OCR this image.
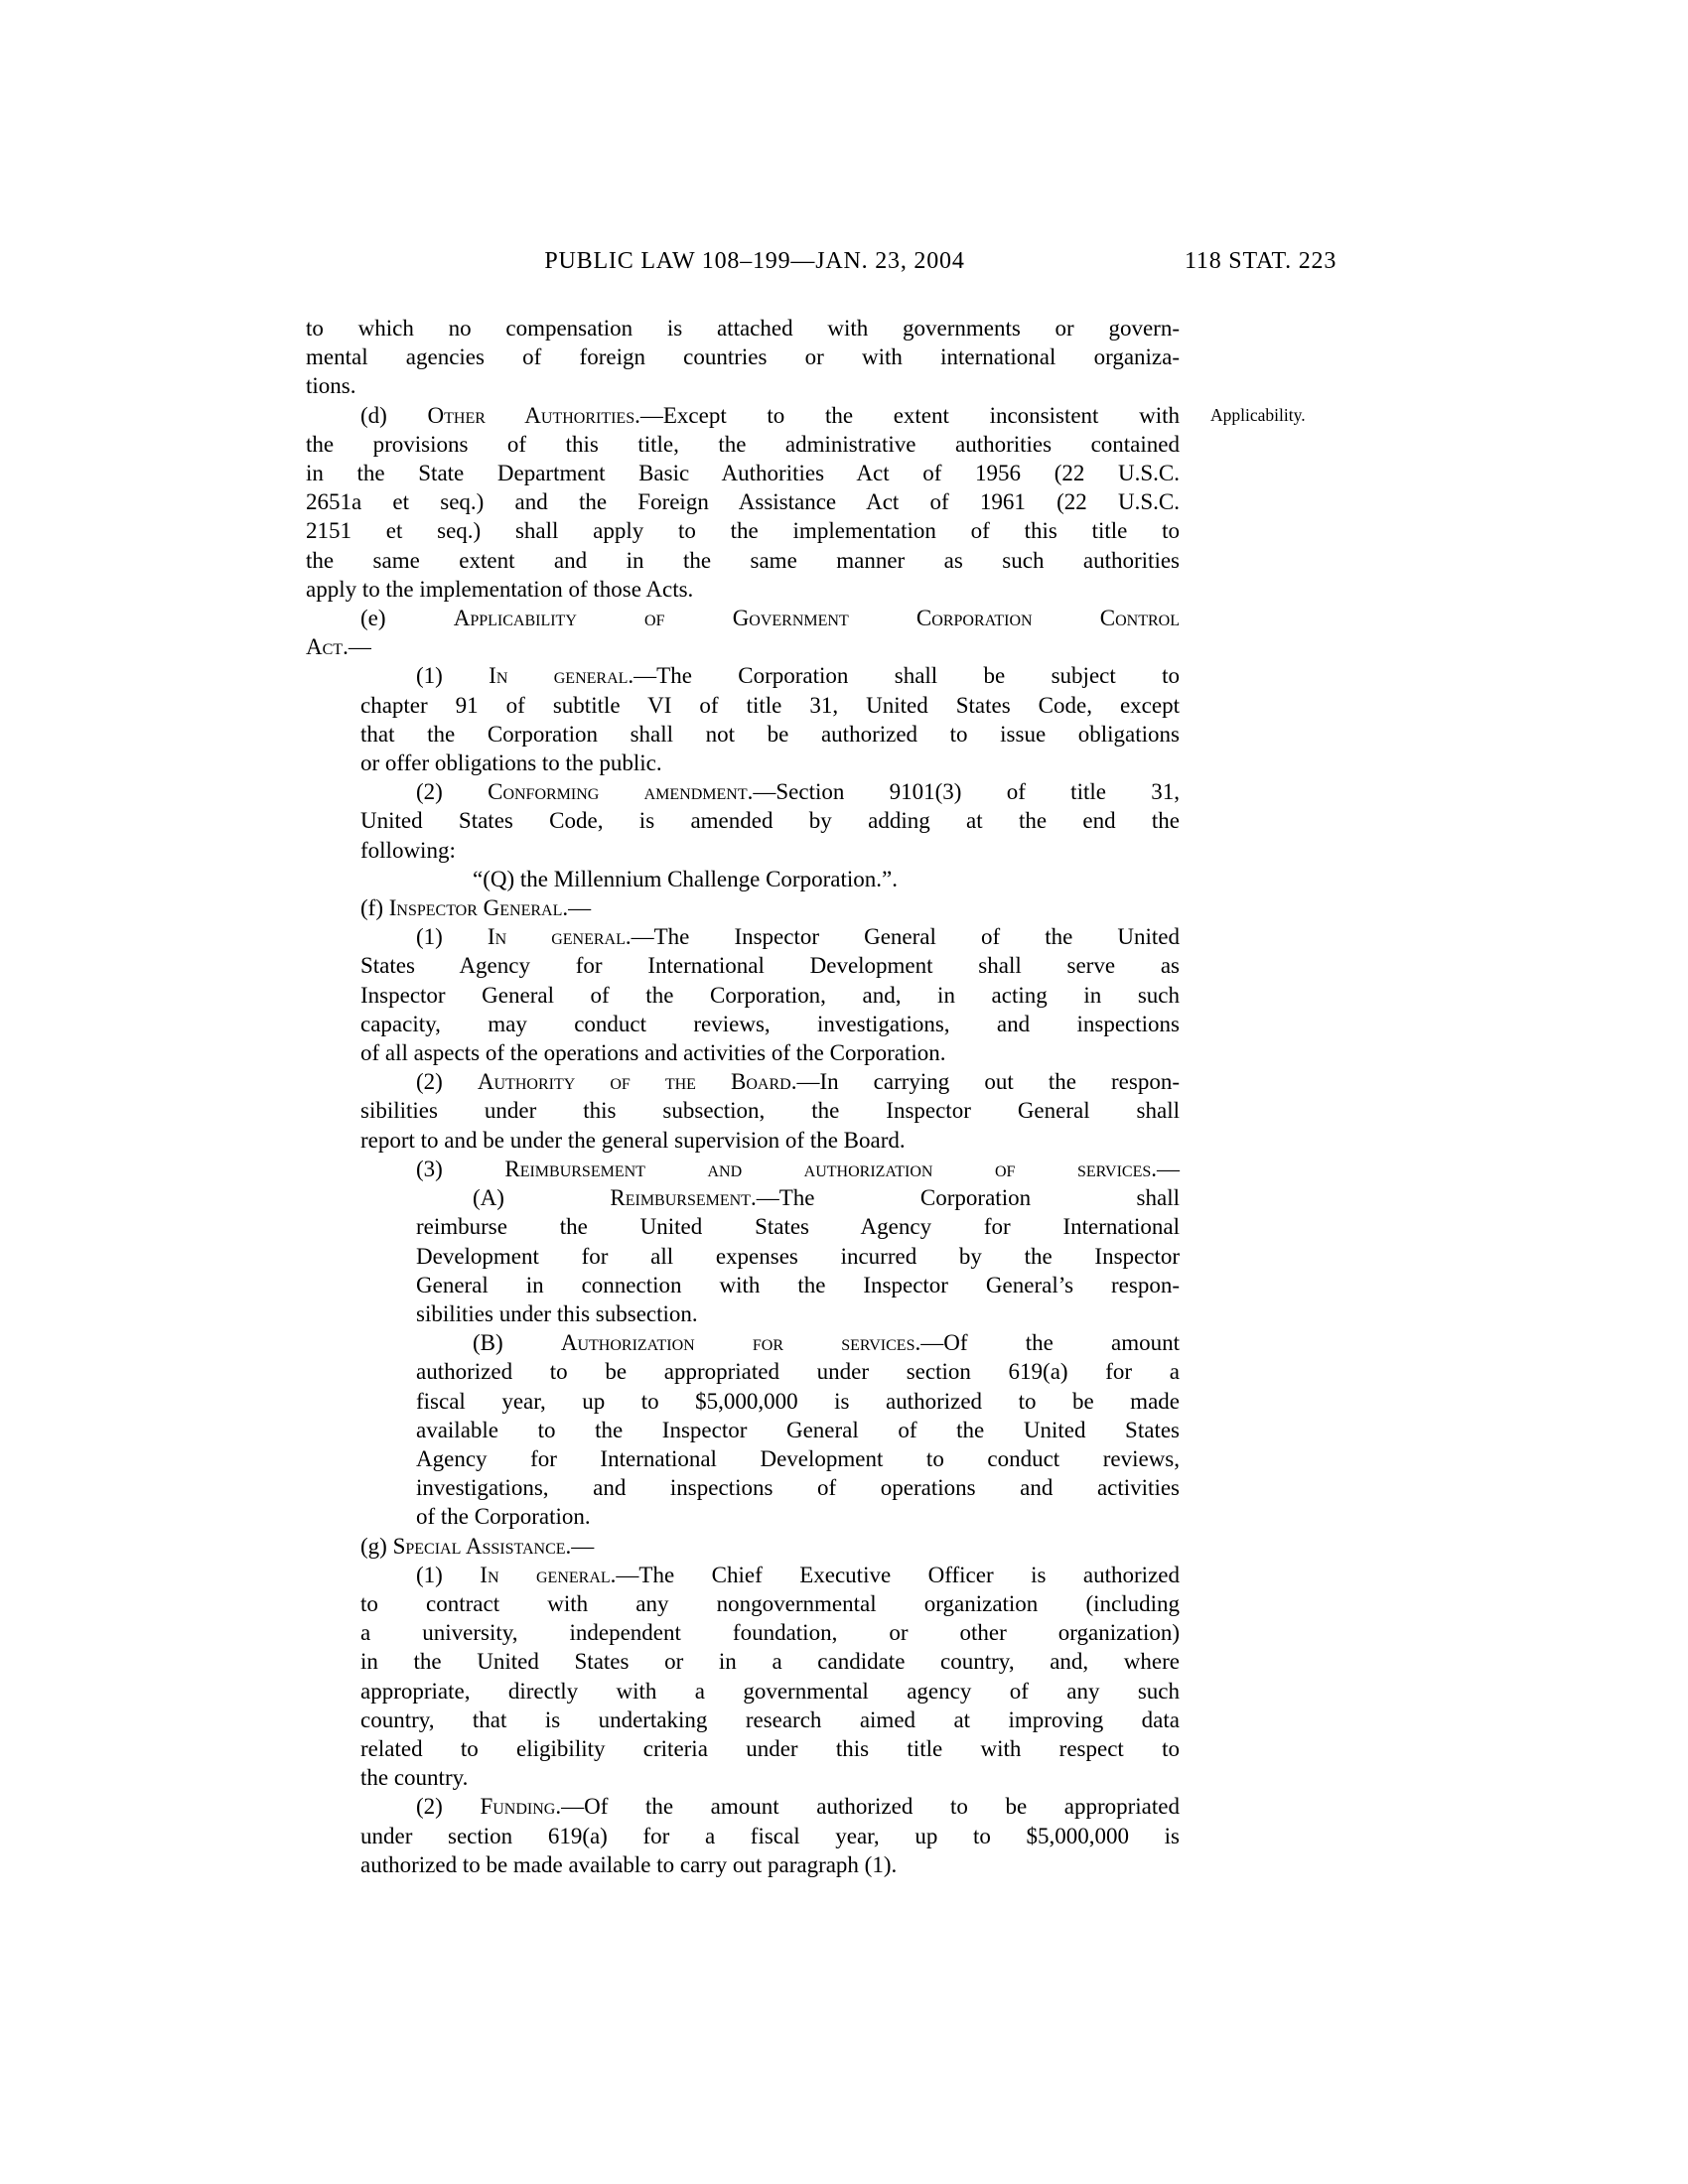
PUBLIC LAW 108–199—JAN. 23, 2004	118 STAT. 223
to which no compensation is attached with governments or govern-
mental agencies of foreign countries or with international organiza-
tions.
(d) Other Authorities.—Except to the extent inconsistent with Applicability.
the provisions of this title, the administrative authorities contained
in the State Department Basic Authorities Act of 1956 (22 U.S.C.
2651a et seq.) and the Foreign Assistance Act of 1961 (22 U.S.C.
2151 et seq.) shall apply to the implementation of this title to
the same extent and in the same manner as such authorities
apply to the implementation of those Acts.
(e) Applicability of Government Corporation Control
Act.—
(1) In general.—The Corporation shall be subject to
chapter 91 of subtitle VI of title 31, United States Code, except
that the Corporation shall not be authorized to issue obligations
or offer obligations to the public.
(2) Conforming amendment.—Section 9101(3) of title 31,
United States Code, is amended by adding at the end the
following:
“(Q) the Millennium Challenge Corporation.”.
(f) Inspector General.—
(1) In general.—The Inspector General of the United
States Agency for International Development shall serve as
Inspector General of the Corporation, and, in acting in such
capacity, may conduct reviews, investigations, and inspections
of all aspects of the operations and activities of the Corporation.
(2) Authority of the Board.—In carrying out the respon-
sibilities under this subsection, the Inspector General shall
report to and be under the general supervision of the Board.
(3) Reimbursement and authorization of services.—
(A) Reimbursement.—The Corporation shall
reimburse the United States Agency for International
Development for all expenses incurred by the Inspector
General in connection with the Inspector General’s respon-
sibilities under this subsection.
(B) Authorization for services.—Of the amount
authorized to be appropriated under section 619(a) for a
fiscal year, up to $5,000,000 is authorized to be made
available to the Inspector General of the United States
Agency for International Development to conduct reviews,
investigations, and inspections of operations and activities
of the Corporation.
(g) Special Assistance.—
(1) In general.—The Chief Executive Officer is authorized
to contract with any nongovernmental organization (including
a university, independent foundation, or other organization)
in the United States or in a candidate country, and, where
appropriate, directly with a governmental agency of any such
country, that is undertaking research aimed at improving data
related to eligibility criteria under this title with respect to
the country.
(2) Funding.—Of the amount authorized to be appropriated
under section 619(a) for a fiscal year, up to $5,000,000 is
authorized to be made available to carry out paragraph (1).
